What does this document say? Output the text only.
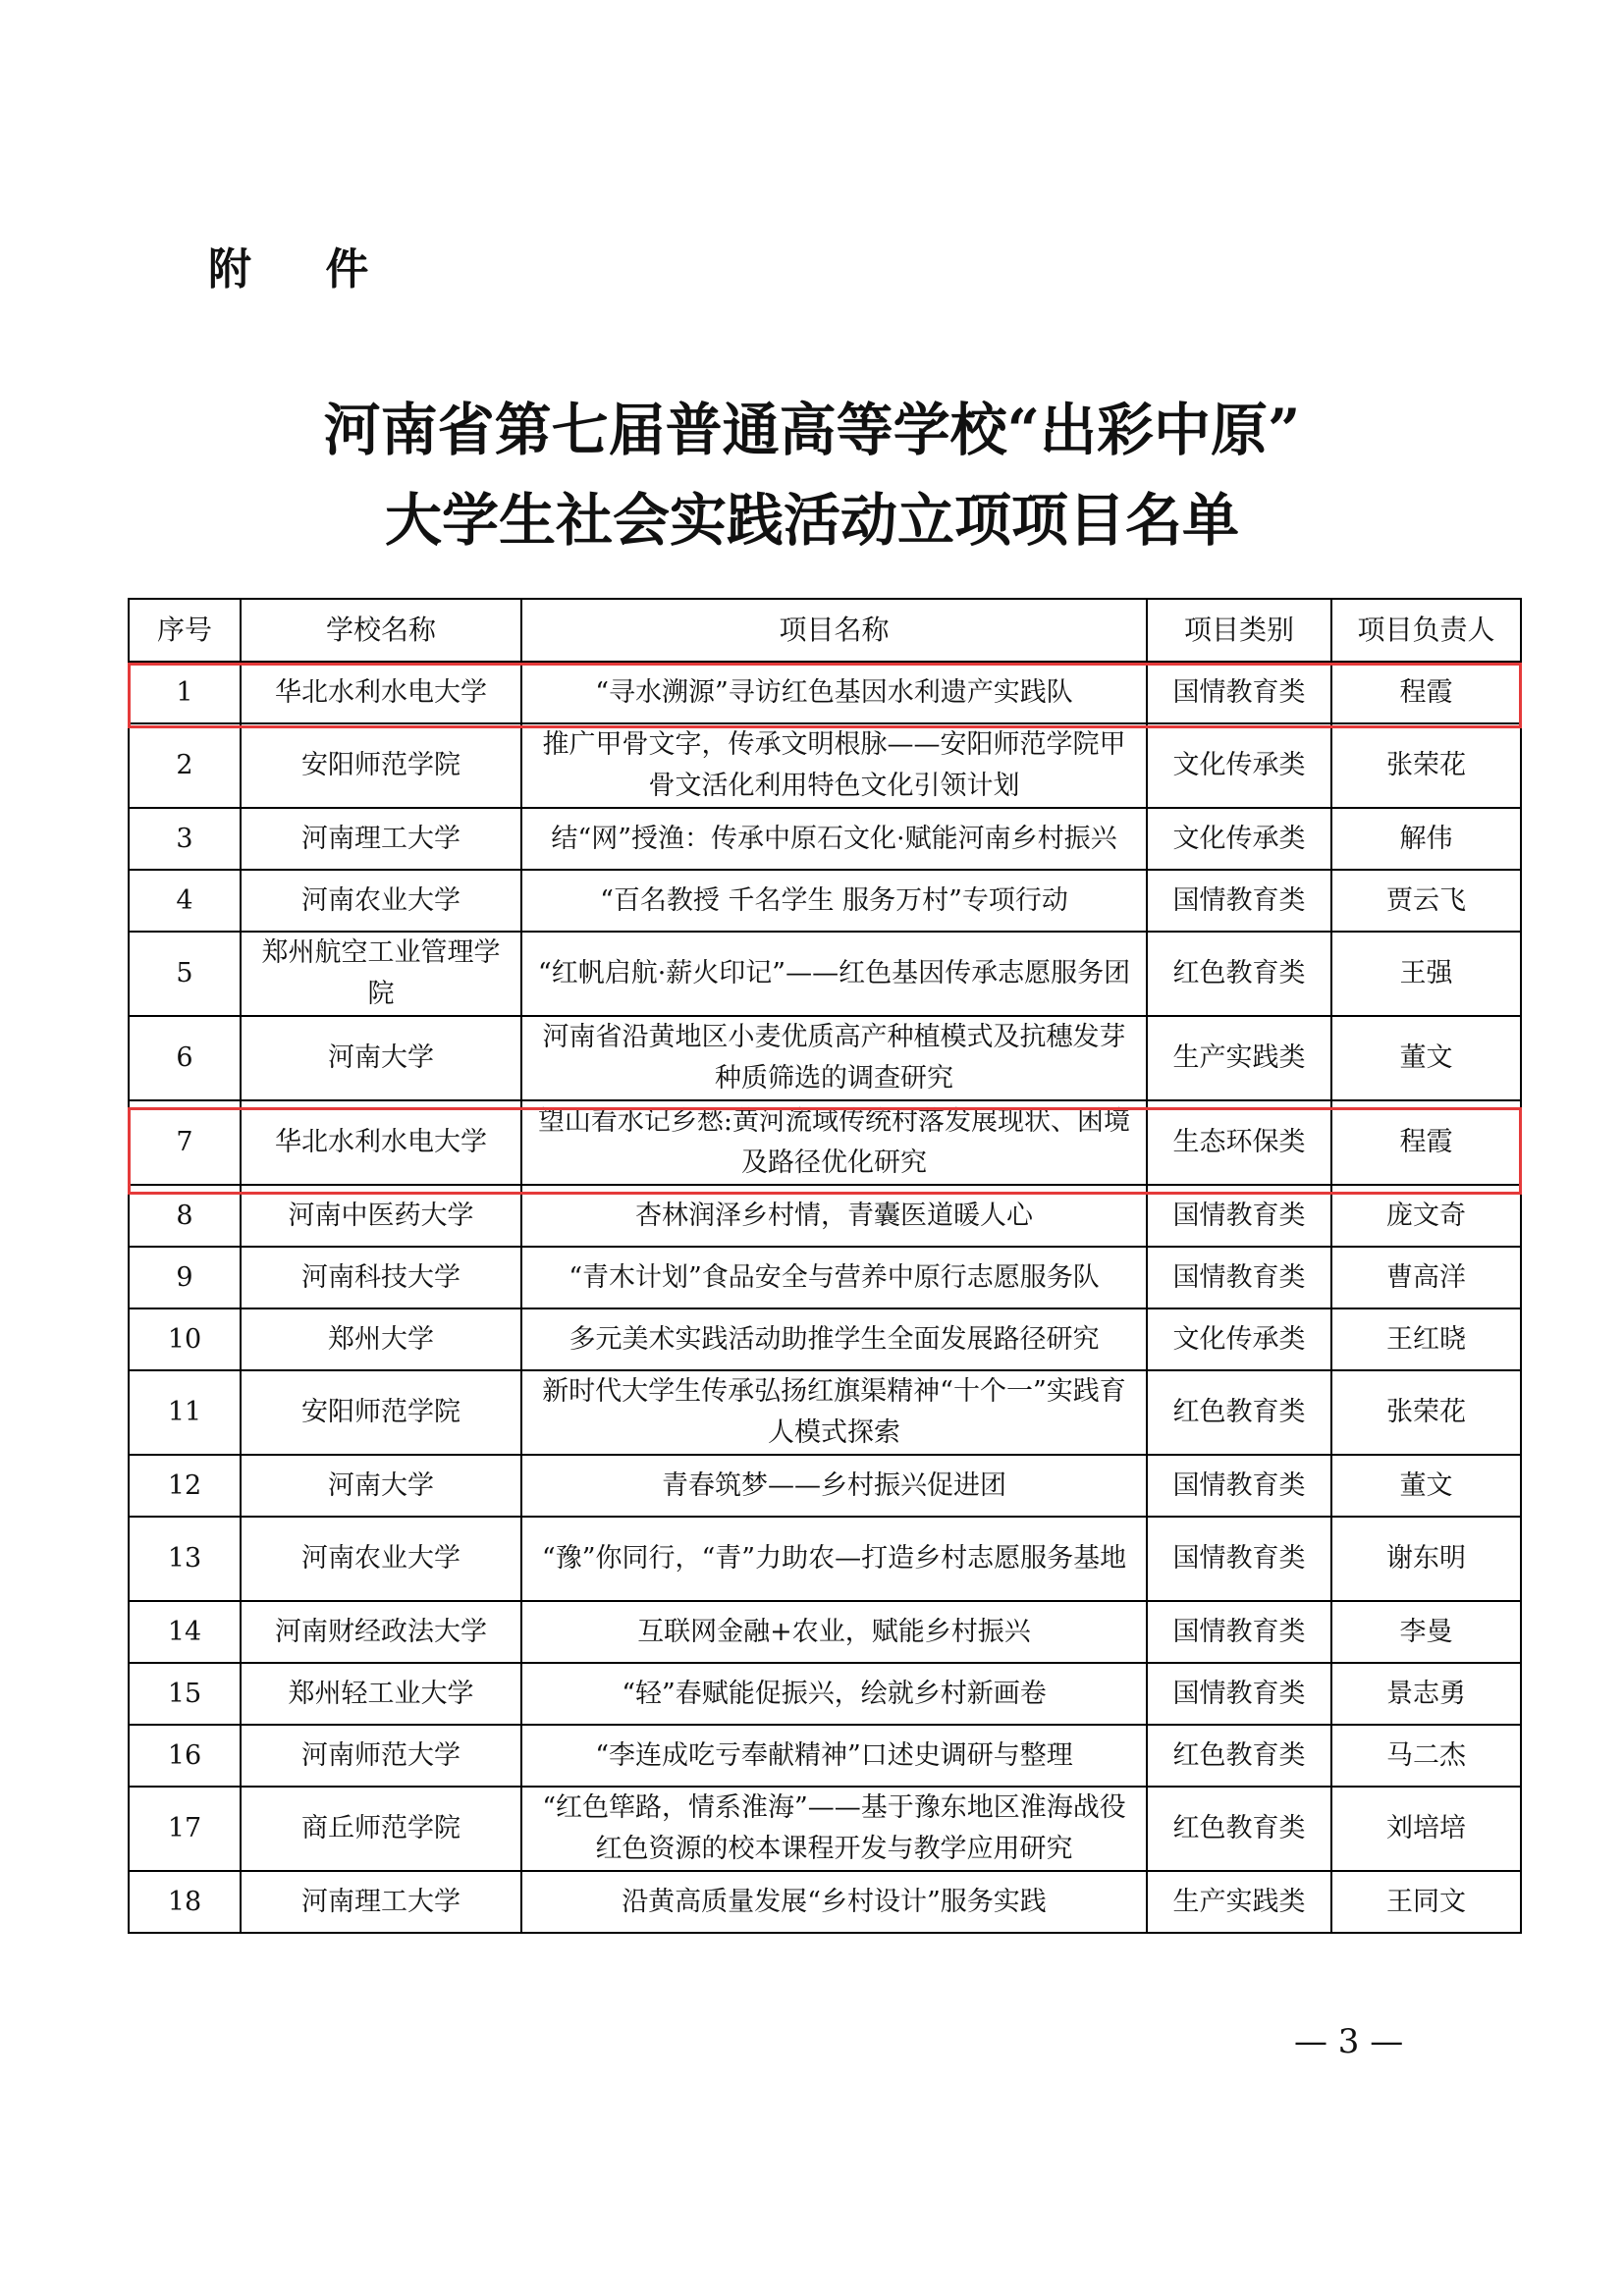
附 件
河南省第七届普通高等学校“出彩中原”
大学生社会实践活动立项项目名单
序号	学校名称	项目名称	项目类别	项目负责人
1	华北水利水电大学	“寻水溯源”寻访红色基因水利遗产实践队	国情教育类	程霞
2	安阳师范学院	推广甲骨文字，传承文明根脉——安阳师范学院甲骨文活化利用特色文化引领计划	文化传承类	张荣花
3	河南理工大学	结“网”授渔：传承中原石文化·赋能河南乡村振兴	文化传承类	解伟
4	河南农业大学	“百名教授 千名学生 服务万村”专项行动	国情教育类	贾云飞
5	郑州航空工业管理学院	“红帆启航·薪火印记”——红色基因传承志愿服务团	红色教育类	王强
6	河南大学	河南省沿黄地区小麦优质高产种植模式及抗穗发芽种质筛选的调查研究	生产实践类	董文
7	华北水利水电大学	望山看水记乡愁:黄河流域传统村落发展现状、困境及路径优化研究	生态环保类	程霞
8	河南中医药大学	杏林润泽乡村情，青囊医道暖人心	国情教育类	庞文奇
9	河南科技大学	“青木计划”食品安全与营养中原行志愿服务队	国情教育类	曹高洋
10	郑州大学	多元美术实践活动助推学生全面发展路径研究	文化传承类	王红晓
11	安阳师范学院	新时代大学生传承弘扬红旗渠精神“十个一”实践育人模式探索	红色教育类	张荣花
12	河南大学	青春筑梦——乡村振兴促进团	国情教育类	董文
13	河南农业大学	“豫”你同行，“青”力助农—打造乡村志愿服务基地	国情教育类	谢东明
14	河南财经政法大学	互联网金融+农业，赋能乡村振兴	国情教育类	李曼
15	郑州轻工业大学	“轻”春赋能促振兴，绘就乡村新画卷	国情教育类	景志勇
16	河南师范大学	“李连成吃亏奉献精神”口述史调研与整理	红色教育类	马二杰
17	商丘师范学院	“红色筚路，情系淮海”——基于豫东地区淮海战役红色资源的校本课程开发与教学应用研究	红色教育类	刘培培
18	河南理工大学	沿黄高质量发展“乡村设计”服务实践	生产实践类	王同文
— 3 —
